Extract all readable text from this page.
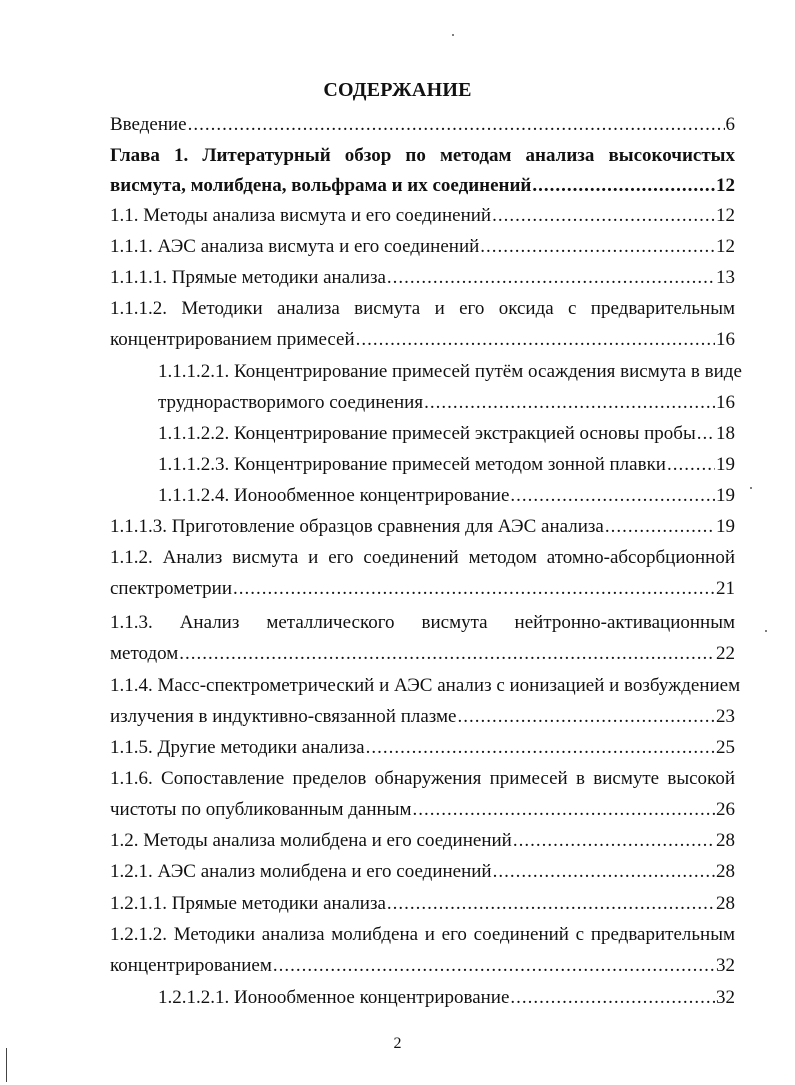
СОДЕРЖАНИЕ
Введение .....	6
Глава 1. Литературный обзор по методам анализа высокочистых
висмута, молибдена, вольфрама и их соединений .....	12
1.1. Методы анализа висмута и его соединений .....	12
1.1.1. АЭС анализа висмута и его соединений .....	12
1.1.1.1. Прямые методики анализа .....	13
1.1.1.2. Методики анализа висмута и его оксида с предварительным
концентрированием примесей .....	16
1.1.1.2.1. Концентрирование примесей путём осаждения висмута в виде
труднорастворимого соединения .....	16
1.1.1.2.2. Концентрирование примесей экстракцией основы пробы ..... 18
1.1.1.2.3. Концентрирование примесей методом зонной плавки .....	19
1.1.1.2.4. Ионообменное концентрирование .....	19
1.1.1.3. Приготовление образцов сравнения для АЭС анализа .....	19
1.1.2. Анализ висмута и его соединений методом атомно-абсорбционной
спектрометрии .....	21
1.1.3. Анализ металлического висмута нейтронно-активационным
методом .....	22
1.1.4. Масс-спектрометрический и АЭС анализ с ионизацией и возбуждением
излучения в индуктивно-связанной плазме .....	23
1.1.5. Другие методики анализа .....	25
1.1.6. Сопоставление пределов обнаружения примесей в висмуте высокой
чистоты по опубликованным данным .....	26
1.2. Методы анализа молибдена и его соединений .....	28
1.2.1. АЭС анализ молибдена и его соединений .....	28
1.2.1.1. Прямые методики анализа .....	28
1.2.1.2. Методики анализа молибдена и его соединений с предварительным
концентрированием .....	32
1.2.1.2.1. Ионообменное концентрирование .....	32
2
